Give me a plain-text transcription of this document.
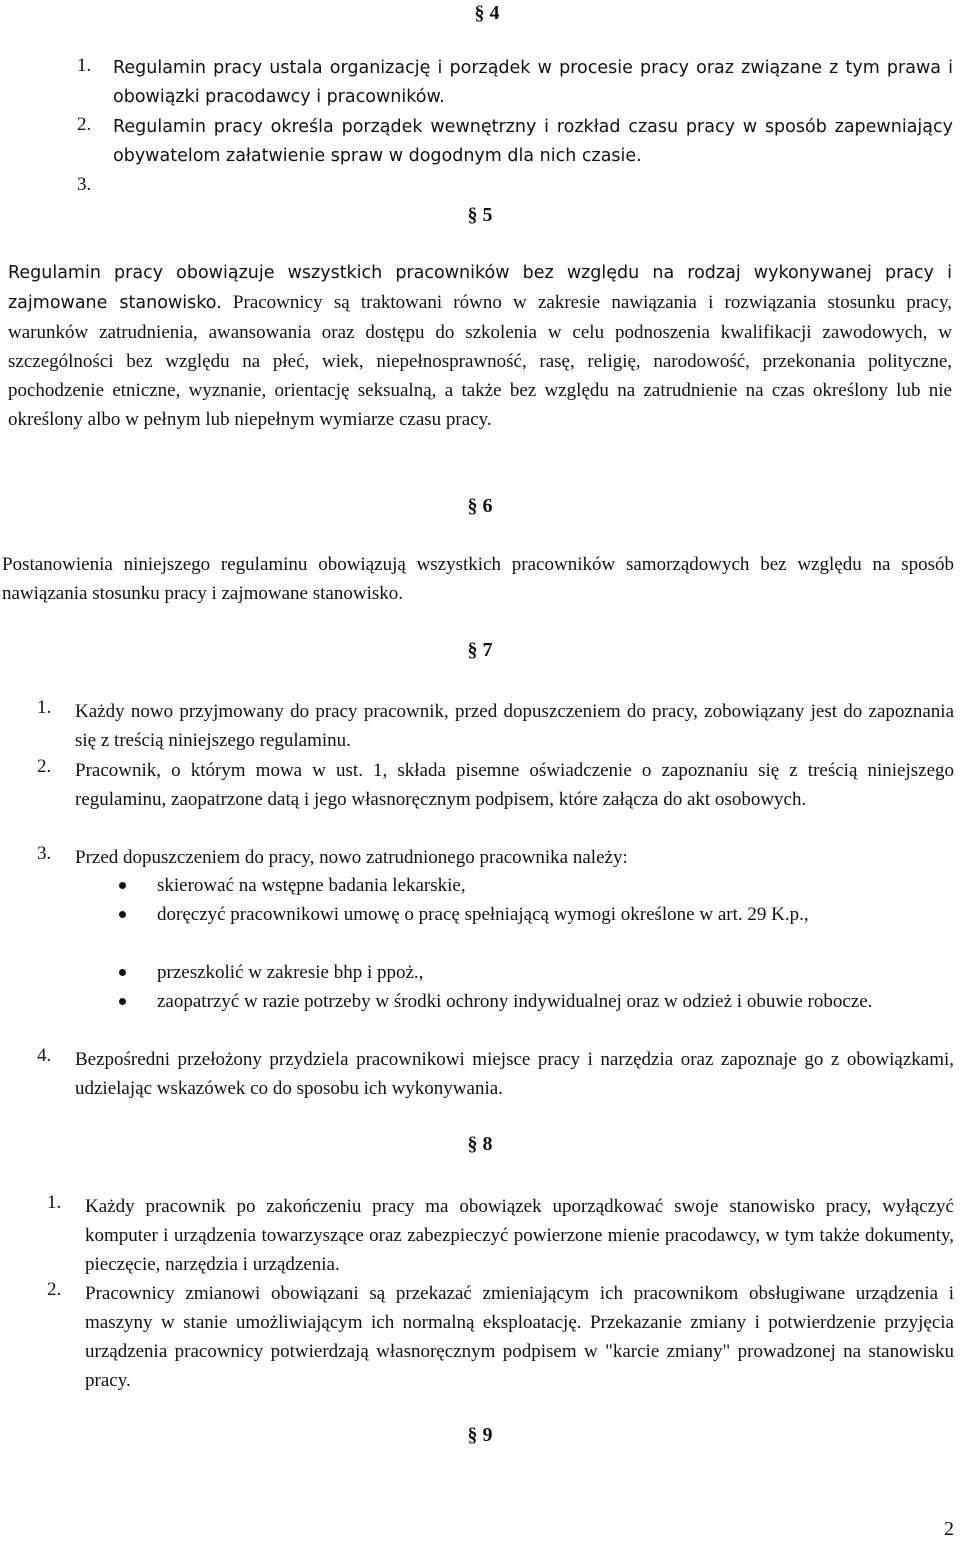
§ 4
1. Regulamin pracy ustala organizację i porządek w procesie pracy oraz związane z tym prawa i obowiązki pracodawcy i pracowników.
2. Regulamin pracy określa porządek wewnętrzny i rozkład czasu pracy w sposób zapewniający obywatelom załatwienie spraw w dogodnym dla nich czasie.
3.
§ 5
Regulamin pracy obowiązuje wszystkich pracowników bez względu na rodzaj wykonywanej pracy i zajmowane stanowisko. Pracownicy są traktowani równo w zakresie nawiązania i rozwiązania stosunku pracy, warunków zatrudnienia, awansowania oraz dostępu do szkolenia w celu podnoszenia kwalifikacji zawodowych, w szczególności bez względu na płeć, wiek, niepełnosprawność, rasę, religię, narodowość, przekonania polityczne, pochodzenie etniczne, wyznanie, orientację seksualną, a także bez względu na zatrudnienie na czas określony lub nie określony albo w pełnym lub niepełnym wymiarze czasu pracy.
§ 6
Postanowienia niniejszego regulaminu obowiązują wszystkich pracowników samorządowych bez względu na sposób nawiązania stosunku pracy i zajmowane stanowisko.
§ 7
1. Każdy nowo przyjmowany do pracy pracownik, przed dopuszczeniem do pracy, zobowiązany jest do zapoznania się z treścią niniejszego regulaminu.
2. Pracownik, o którym mowa w ust. 1, składa pisemne oświadczenie o zapoznaniu się z treścią niniejszego regulaminu, zaopatrzone datą i jego własnoręcznym podpisem, które załącza do akt osobowych.
3. Przed dopuszczeniem do pracy, nowo zatrudnionego pracownika należy:
skierować na wstępne badania lekarskie,
doręczyć pracownikowi umowę o pracę spełniającą wymogi określone w art. 29 K.p.,
przeszkolić w zakresie bhp i ppoż.,
zaopatrzyć w razie potrzeby w środki ochrony indywidualnej oraz w odzież i obuwie robocze.
4. Bezpośredni przełożony przydziela pracownikowi miejsce pracy i narzędzia oraz zapoznaje go z obowiązkami, udzielając wskazówek co do sposobu ich wykonywania.
§ 8
1. Każdy pracownik po zakończeniu pracy ma obowiązek uporządkować swoje stanowisko pracy, wyłączyć komputer i urządzenia towarzyszące oraz zabezpieczyć powierzone mienie pracodawcy, w tym także dokumenty, pieczęcie, narzędzia i urządzenia.
2. Pracownicy zmianowi obowiązani są przekazać zmieniającym ich pracownikom obsługiwane urządzenia i maszyny w stanie umożliwiającym ich normalną eksploatację. Przekazanie zmiany i potwierdzenie przyjęcia urządzenia pracownicy potwierdzają własnoręcznym podpisem w "karcie zmiany" prowadzonej na stanowisku pracy.
§ 9
2
